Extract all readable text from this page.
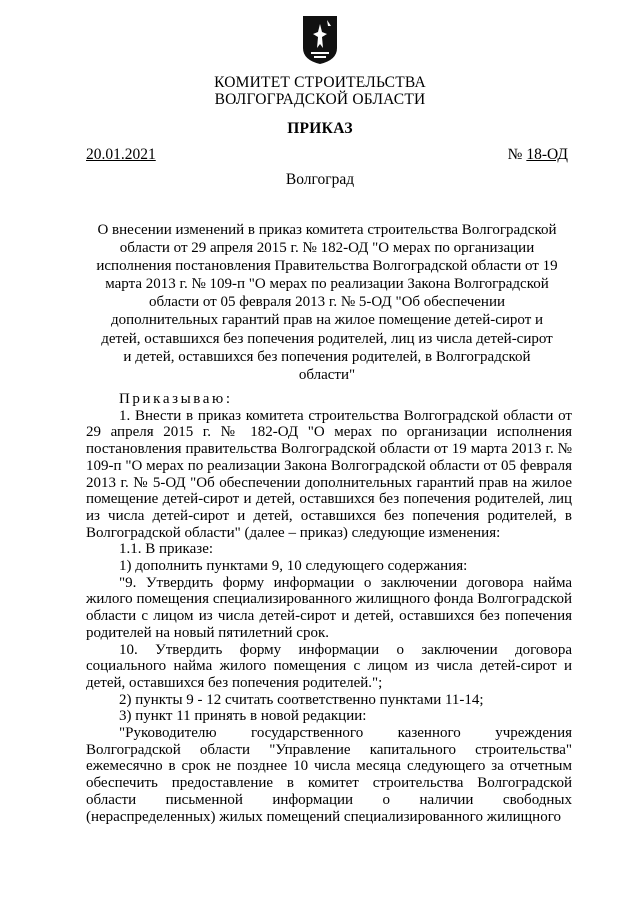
КОМИТЕТ СТРОИТЕЛЬСТВА
ВОЛГОГРАДСКОЙ ОБЛАСТИ
ПРИКАЗ
20.01.2021	№ 18-ОД
Волгоград
О внесении изменений в приказ комитета строительства Волгоградской области от 29 апреля 2015 г. № 182-ОД "О мерах по организации исполнения постановления Правительства Волгоградской области от 19 марта 2013 г. № 109-п "О мерах по реализации Закона Волгоградской области от 05 февраля 2013 г. № 5-ОД "Об обеспечении дополнительных гарантий прав на жилое помещение детей-сирот и детей, оставшихся без попечения родителей, лиц из числа детей-сирот и детей, оставшихся без попечения родителей, в Волгоградской области"

Приказываю:

1. Внести в приказ комитета строительства Волгоградской области от 29 апреля 2015 г. № 182-ОД "О мерах по организации исполнения постановления правительства Волгоградской области от 19 марта 2013 г. № 109-п "О мерах по реализации Закона Волгоградской области от 05 февраля 2013 г. № 5-ОД "Об обеспечении дополнительных гарантий прав на жилое помещение детей-сирот и детей, оставшихся без попечения родителей, лиц из числа детей-сирот и детей, оставшихся без попечения родителей, в Волгоградской области" (далее – приказ) следующие изменения:

1.1. В приказе:

1) дополнить пунктами 9, 10 следующего содержания:

"9. Утвердить форму информации о заключении договора найма жилого помещения специализированного жилищного фонда Волгоградской области с лицом из числа детей-сирот и детей, оставшихся без попечения родителей на новый пятилетний срок.

10. Утвердить форму информации о заключении договора социального найма жилого помещения с лицом из числа детей-сирот и детей, оставшихся без попечения родителей.";

2) пункты 9 - 12 считать соответственно пунктами 11-14;

3) пункт 11 принять в новой редакции:

"Руководителю государственного казенного учреждения Волгоградской области "Управление капитального строительства" ежемесячно в срок не позднее 10 числа месяца следующего за отчетным обеспечить предоставление в комитет строительства Волгоградской области письменной информации о наличии свободных (нераспределенных) жилых помещений специализированного жилищного
